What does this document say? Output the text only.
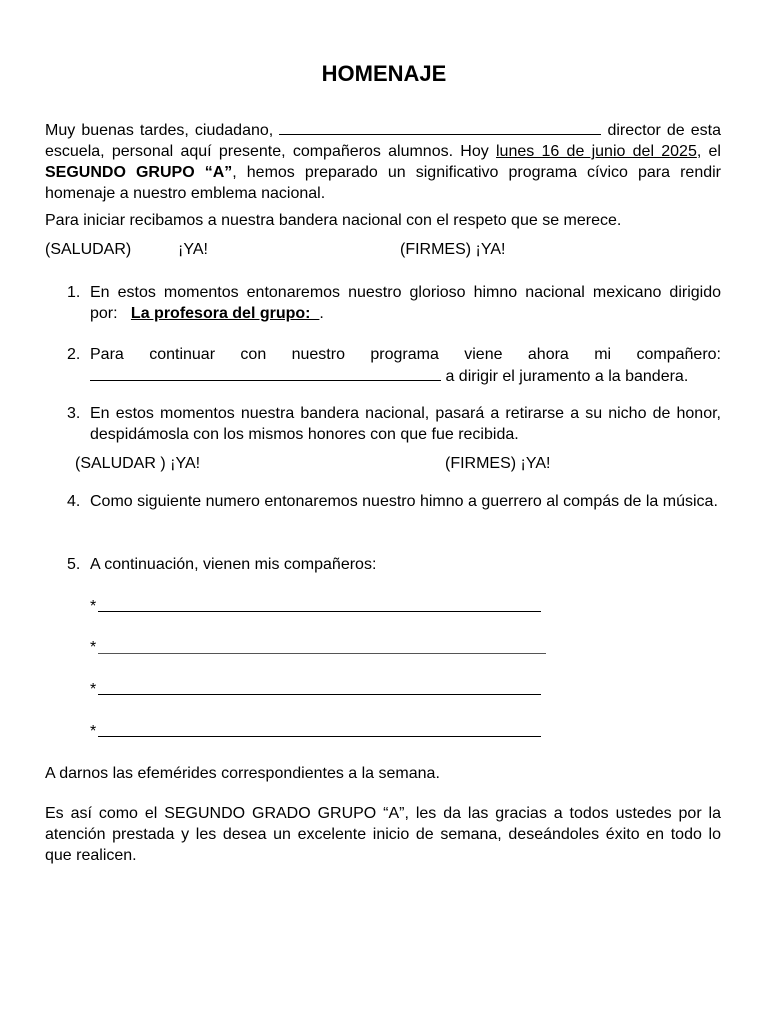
HOMENAJE
Muy buenas tardes, ciudadano,	director de esta escuela, personal aquí presente, compañeros alumnos. Hoy lunes 16 de junio del 2025, el SEGUNDO GRUPO “A”, hemos preparado un significativo programa cívico para rendir homenaje a nuestro emblema nacional.
Para iniciar recibamos a nuestra bandera nacional con el respeto que se merece.
(SALUDAR)	¡YA!	(FIRMES) ¡YA!
1. En estos momentos entonaremos nuestro glorioso himno nacional mexicano dirigido por: La profesora del grupo: .
2. Para continuar con nuestro programa viene ahora mi compañero:
a dirigir el juramento a la bandera.
3. En estos momentos nuestra bandera nacional, pasará a retirarse a su nicho de honor, despidámosla con los mismos honores con que fue recibida.
(SALUDAR ) ¡YA!	(FIRMES) ¡YA!
4. Como siguiente numero entonaremos nuestro himno a guerrero al compás de la música.
5. A continuación, vienen mis compañeros:
*
*
*
*
A darnos las efemérides correspondientes a la semana.
Es así como el SEGUNDO GRADO GRUPO “A”, les da las gracias a todos ustedes por la atención prestada y les desea un excelente inicio de semana, deseándoles éxito en todo lo que realicen.
